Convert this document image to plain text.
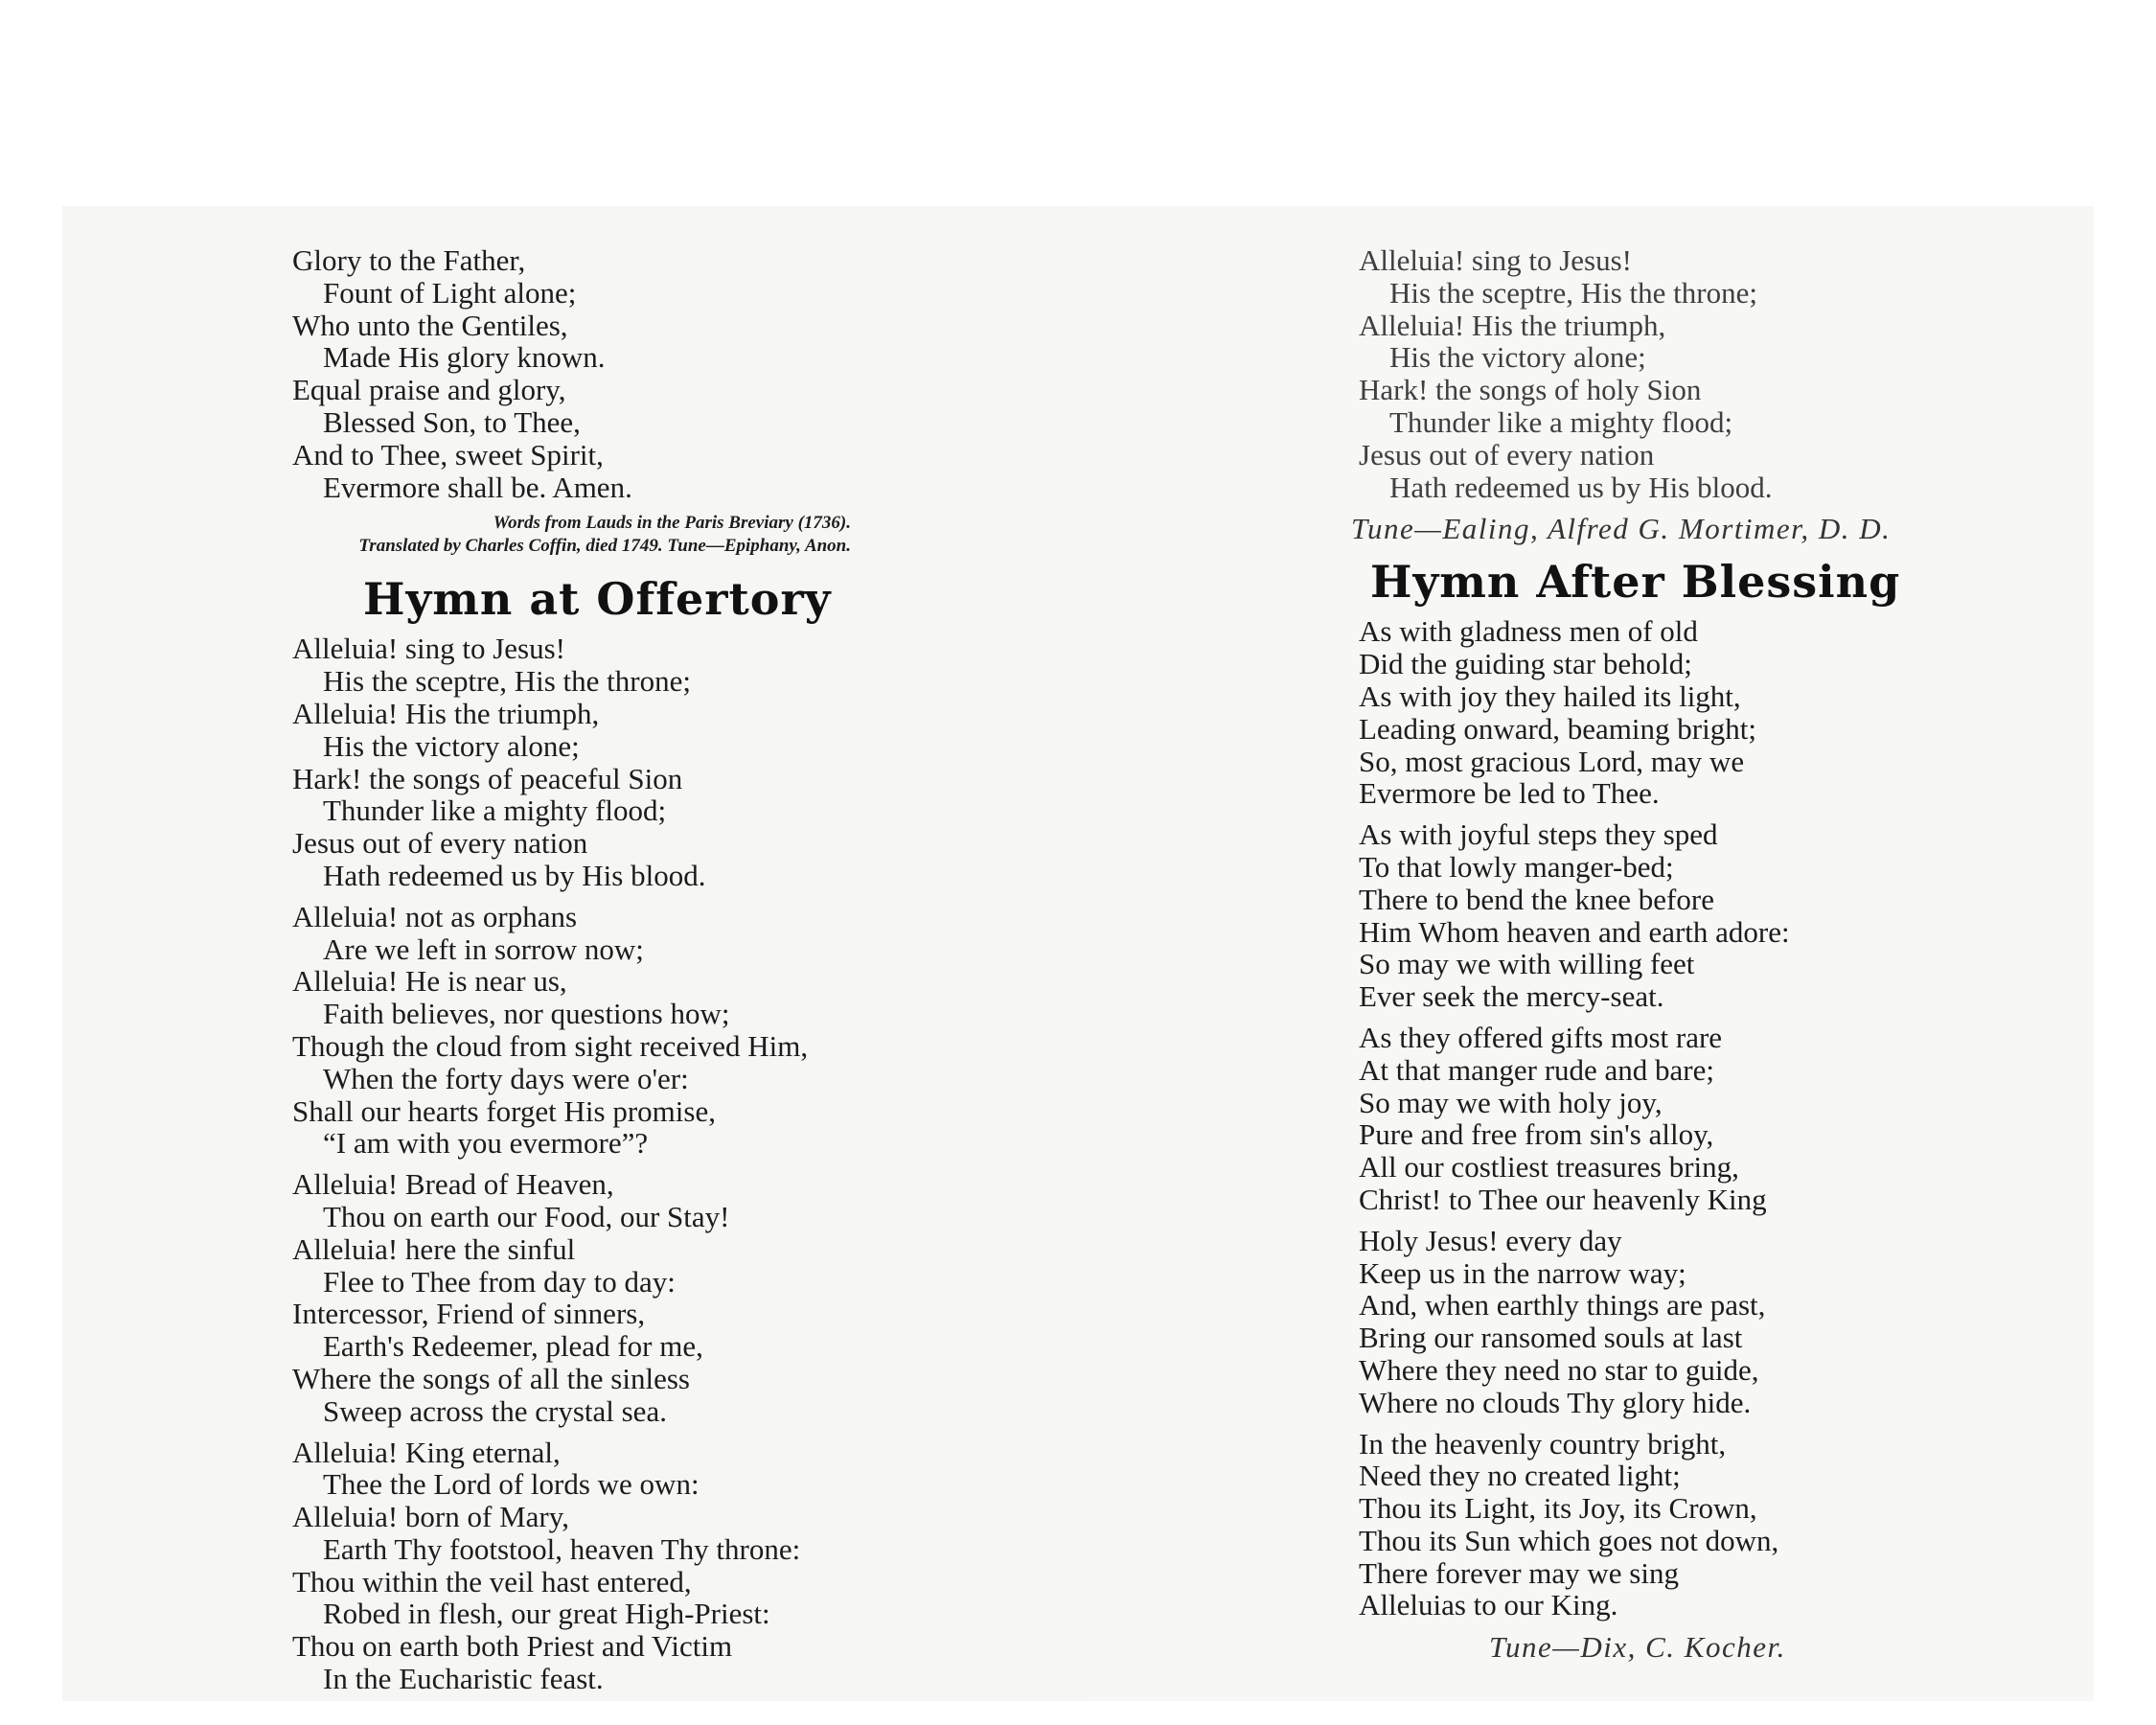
Glory to the Father,
Fount of Light alone;
Who unto the Gentiles,
Made His glory known.
Equal praise and glory,
Blessed Son, to Thee,
And to Thee, sweet Spirit,
Evermore shall be. Amen.
Words from Lauds in the Paris Breviary (1736).
Translated by Charles Coffin, died 1749. Tune—Epiphany, Anon.
Hymn at Offertory
Alleluia! sing to Jesus!
His the sceptre, His the throne;
Alleluia! His the triumph,
His the victory alone;
Hark! the songs of peaceful Sion
Thunder like a mighty flood;
Jesus out of every nation
Hath redeemed us by His blood.
Alleluia! not as orphans
Are we left in sorrow now;
Alleluia! He is near us,
Faith believes, nor questions how;
Though the cloud from sight received Him,
When the forty days were o'er:
Shall our hearts forget His promise,
“I am with you evermore”?
Alleluia! Bread of Heaven,
Thou on earth our Food, our Stay!
Alleluia! here the sinful
Flee to Thee from day to day:
Intercessor, Friend of sinners,
Earth's Redeemer, plead for me,
Where the songs of all the sinless
Sweep across the crystal sea.
Alleluia! King eternal,
Thee the Lord of lords we own:
Alleluia! born of Mary,
Earth Thy footstool, heaven Thy throne:
Thou within the veil hast entered,
Robed in flesh, our great High-Priest:
Thou on earth both Priest and Victim
In the Eucharistic feast.
Alleluia! sing to Jesus!
His the sceptre, His the throne;
Alleluia! His the triumph,
His the victory alone;
Hark! the songs of holy Sion
Thunder like a mighty flood;
Jesus out of every nation
Hath redeemed us by His blood.
Tune—Ealing, Alfred G. Mortimer, D. D.
Hymn After Blessing
As with gladness men of old
Did the guiding star behold;
As with joy they hailed its light,
Leading onward, beaming bright;
So, most gracious Lord, may we
Evermore be led to Thee.
As with joyful steps they sped
To that lowly manger-bed;
There to bend the knee before
Him Whom heaven and earth adore:
So may we with willing feet
Ever seek the mercy-seat.
As they offered gifts most rare
At that manger rude and bare;
So may we with holy joy,
Pure and free from sin's alloy,
All our costliest treasures bring,
Christ! to Thee our heavenly King
Holy Jesus! every day
Keep us in the narrow way;
And, when earthly things are past,
Bring our ransomed souls at last
Where they need no star to guide,
Where no clouds Thy glory hide.
In the heavenly country bright,
Need they no created light;
Thou its Light, its Joy, its Crown,
Thou its Sun which goes not down,
There forever may we sing
Alleluias to our King.
Tune—Dix, C. Kocher.
